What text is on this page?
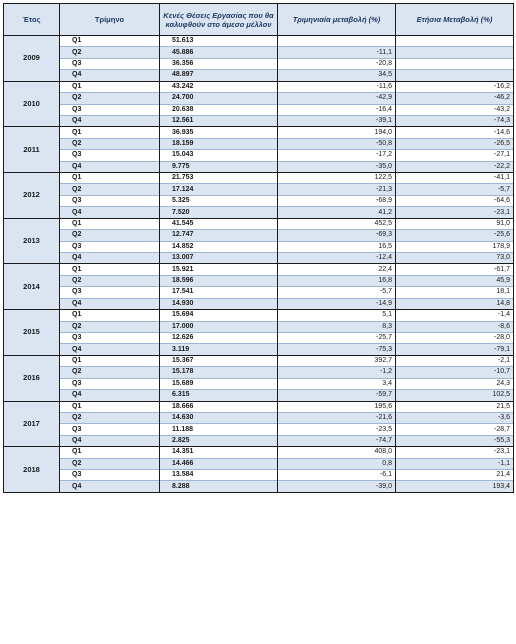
Έτος	Τρίμηνο	Κενές Θέσεις Εργασίας που θα καλυφθούν στο άμεσο μέλλον	Τριμηνιαία μεταβολή (%)	Ετήσια Μεταβολή (%)
2009	Q1	51.613		
	Q2	45.886	-11,1	
	Q3	36.356	-20,8	
	Q4	48.897	34,5	
2010	Q1	43.242	-11,6	-16,2
	Q2	24.700	-42,9	-46,2
	Q3	20.638	-16,4	-43,2
	Q4	12.561	-39,1	-74,3
2011	Q1	36.935	194,0	-14,6
	Q2	18.159	-50,8	-26,5
	Q3	15.043	-17,2	-27,1
	Q4	9.775	-35,0	-22,2
2012	Q1	21.753	122,5	-41,1
	Q2	17.124	-21,3	-5,7
	Q3	5.325	-68,9	-64,6
	Q4	7.520	41,2	-23,1
2013	Q1	41.545	452,5	91,0
	Q2	12.747	-69,3	-25,6
	Q3	14.852	16,5	178,9
	Q4	13.007	-12,4	73,0
2014	Q1	15.921	22,4	-61,7
	Q2	18.596	16,8	45,9
	Q3	17.541	-5,7	18,1
	Q4	14.930	-14,9	14,8
2015	Q1	15.694	5,1	-1,4
	Q2	17.000	8,3	-8,6
	Q3	12.626	-25,7	-28,0
	Q4	3.119	-75,3	-79,1
2016	Q1	15.367	392,7	-2,1
	Q2	15.178	-1,2	-10,7
	Q3	15.689	3,4	24,3
	Q4	6.315	-59,7	102,5
2017	Q1	18.666	195,6	21,5
	Q2	14.630	-21,6	-3,6
	Q3	11.188	-23,5	-28,7
	Q4	2.825	-74,7	-55,3
2018	Q1	14.351	408,0	-23,1
	Q2	14.466	0,8	-1,1
	Q3	13.584	-6,1	21,4
	Q4	8.288	-39,0	193,4
